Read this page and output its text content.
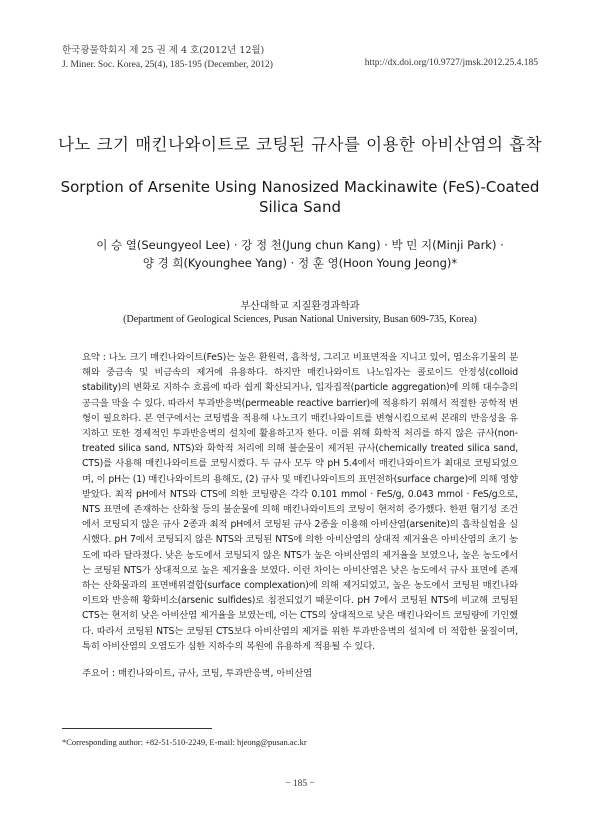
한국광물학회지 제 25 권 제 4 호(2012년 12월)
J. Miner. Soc. Korea, 25(4), 185-195 (December, 2012)	http://dx.doi.org/10.9727/jmsk.2012.25.4.185
나노 크기 매킨나와이트로 코팅된 규사를 이용한 아비산염의 흡착
Sorption of Arsenite Using Nanosized Mackinawite (FeS)-Coated Silica Sand
이 승 열(Seungyeol Lee) · 강 정 천(Jung chun Kang) · 박 민 지(Minji Park) ·
양 경 희(Kyounghee Yang) · 정 훈 영(Hoon Young Jeong)*
부산대학교 지질환경과학과
(Department of Geological Sciences, Pusan National University, Busan 609-735, Korea)
요약 : 나노 크기 매킨나와이트(FeS)는 높은 환원력, 흡착성, 그리고 비표면적을 지니고 있어, 염소유기물의 분해와 중금속 및 비금속의 제거에 유용하다. 하지만 매킨나와이트 나노입자는 콜로이드 안정성(colloid stability)의 변화로 지하수 흐름에 따라 쉽게 확산되거나, 입자집적(particle aggregation)에 의해 대수층의 공극을 막을 수 있다. 따라서 투과반응벽(permeable reactive barrier)에 적용하기 위해서 적절한 공학적 변형이 필요하다. 본 연구에서는 코팅법을 적용해 나노크기 매킨나와이트를 변형시킴으로써 본래의 반응성을 유지하고 또한 경제적인 투과반응벽의 설치에 활용하고자 한다. 이를 위해 화학적 처리를 하지 않은 규사(non-treated silica sand, NTS)와 화학적 처리에 의해 불순물이 제거된 규사(chemically treated silica sand, CTS)를 사용해 매킨나와이트를 코팅시켰다. 두 규사 모두 약 pH 5.4에서 매킨나와이트가 최대로 코팅되었으며, 이 pH는 (1) 매킨나와이트의 용해도, (2) 규사 및 매킨나와이트의 표면전하(surface charge)에 의해 영향받았다. 최적 pH에서 NTS와 CTS에 의한 코팅량은 각각 0.101 mmol · FeS/g, 0.043 mmol · FeS/g으로, NTS 표면에 존재하는 산화철 등의 불순물에 의해 매킨나와이트의 코팅이 현저히 증가했다. 한편 혐기성 조건에서 코팅되지 않은 규사 2종과 최적 pH에서 코팅된 규사 2종을 이용해 아비산염(arsenite)의 흡착실험을 실시했다. pH 7에서 코팅되지 않은 NTS와 코팅된 NTS에 의한 아비산염의 상대적 제거율은 아비산염의 초기 농도에 따라 달라졌다. 낮은 농도에서 코팅되지 않은 NTS가 높은 아비산염의 제거율을 보였으나, 높은 농도에서는 코팅된 NTS가 상대적으로 높은 제거율을 보였다. 이런 차이는 아비산염은 낮은 농도에서 규사 표면에 존재하는 산화물과의 표면배위결합(surface complexation)에 의해 제거되었고, 높은 농도에서 코팅된 매킨나와이트와 반응해 황화비소(arsenic sulfides)로 침전되었기 때문이다. pH 7에서 코팅된 NTS에 비교해 코팅된 CTS는 현저히 낮은 아비산염 제거율을 보였는데, 이는 CTS의 상대적으로 낮은 매킨나와이트 코팅량에 기인했다. 따라서 코팅된 NTS는 코팅된 CTS보다 아비산염의 제거를 위한 투과반응벽의 설치에 더 적합한 물질이며, 특히 아비산염의 오염도가 심한 지하수의 복원에 유용하게 적용될 수 있다.
주요어 : 매킨나와이트, 규사, 코팅, 투과반응벽, 아비산염
*Corresponding author: +82-51-510-2249, E-mail: hjeong@pusan.ac.kr
− 185 −
